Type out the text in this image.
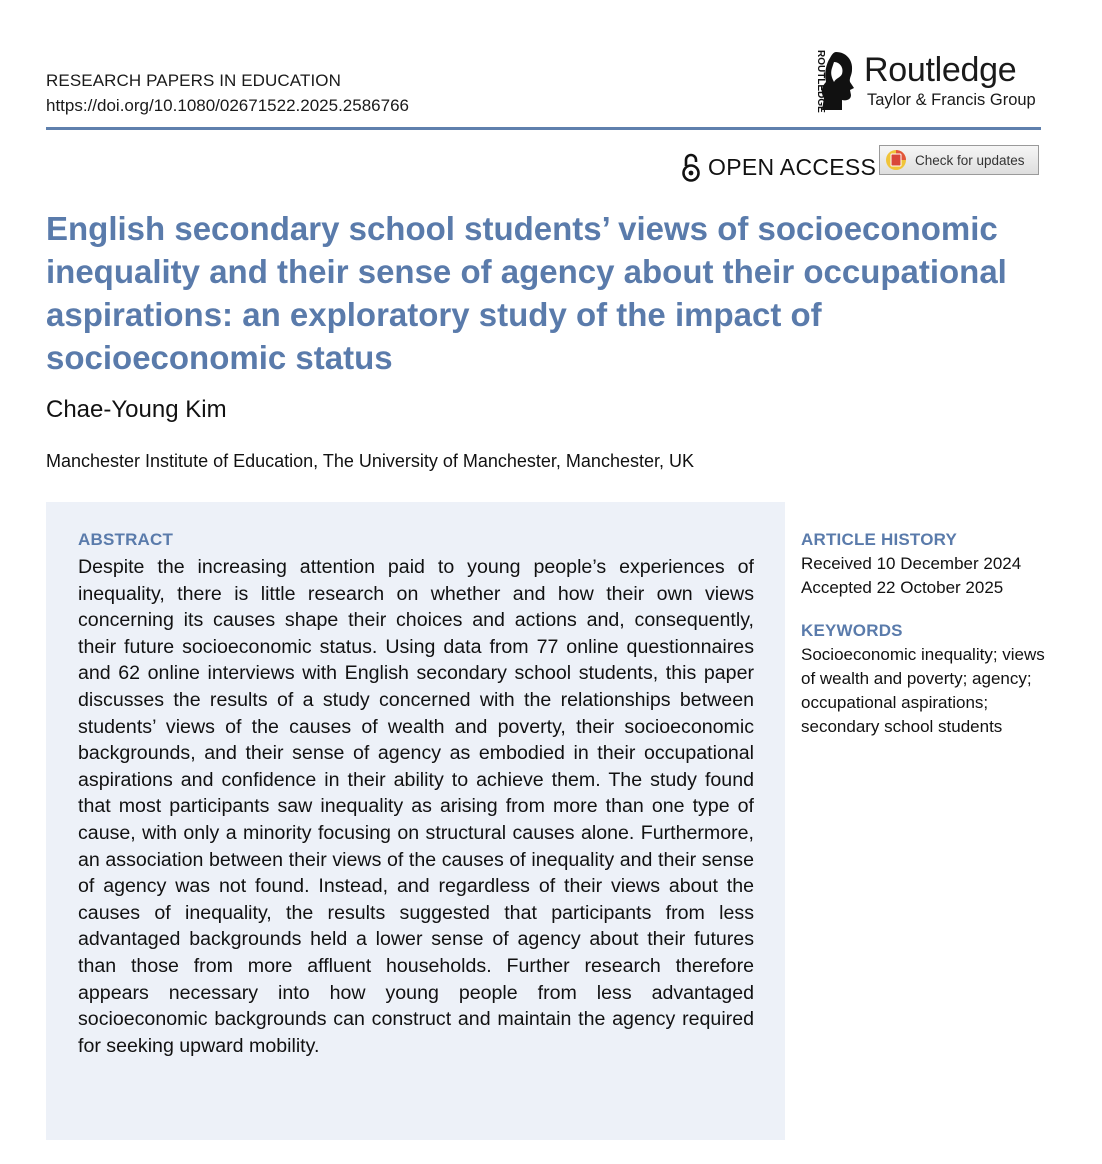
RESEARCH PAPERS IN EDUCATION
https://doi.org/10.1080/02671522.2025.2586766	ROUTLEDGE Routledge
Taylor & Francis Group
OPEN ACCESS	Check for updates
English secondary school students’ views of socioeconomic inequality and their sense of agency about their occupational aspirations: an exploratory study of the impact of socioeconomic status
Chae-Young Kim
Manchester Institute of Education, The University of Manchester, Manchester, UK
ABSTRACT

Despite the increasing attention paid to young people’s experiences of inequality, there is little research on whether and how their own views concerning its causes shape their choices and actions and, consequently, their future socioeconomic status. Using data from 77 online questionnaires and 62 online interviews with English secondary school students, this paper discusses the results of a study concerned with the relationships between students’ views of the causes of wealth and poverty, their socioeconomic backgrounds, and their sense of agency as embodied in their occupational aspirations and confidence in their ability to achieve them. The study found that most participants saw inequality as arising from more than one type of cause, with only a minority focusing on structural causes alone. Furthermore, an association between their views of the causes of inequality and their sense of agency was not found. Instead, and regardless of their views about the causes of inequality, the results suggested that participants from less advantaged backgrounds held a lower sense of agency about their futures than those from more affluent households. Further research therefore appears necessary into how young people from less advantaged socioeconomic backgrounds can construct and maintain the agency required for seeking upward mobility.

ARTICLE HISTORY
Received 10 December 2024
Accepted 22 October 2025
KEYWORDS

Socioeconomic inequality; views of wealth and poverty; agency; occupational aspirations; secondary school students
